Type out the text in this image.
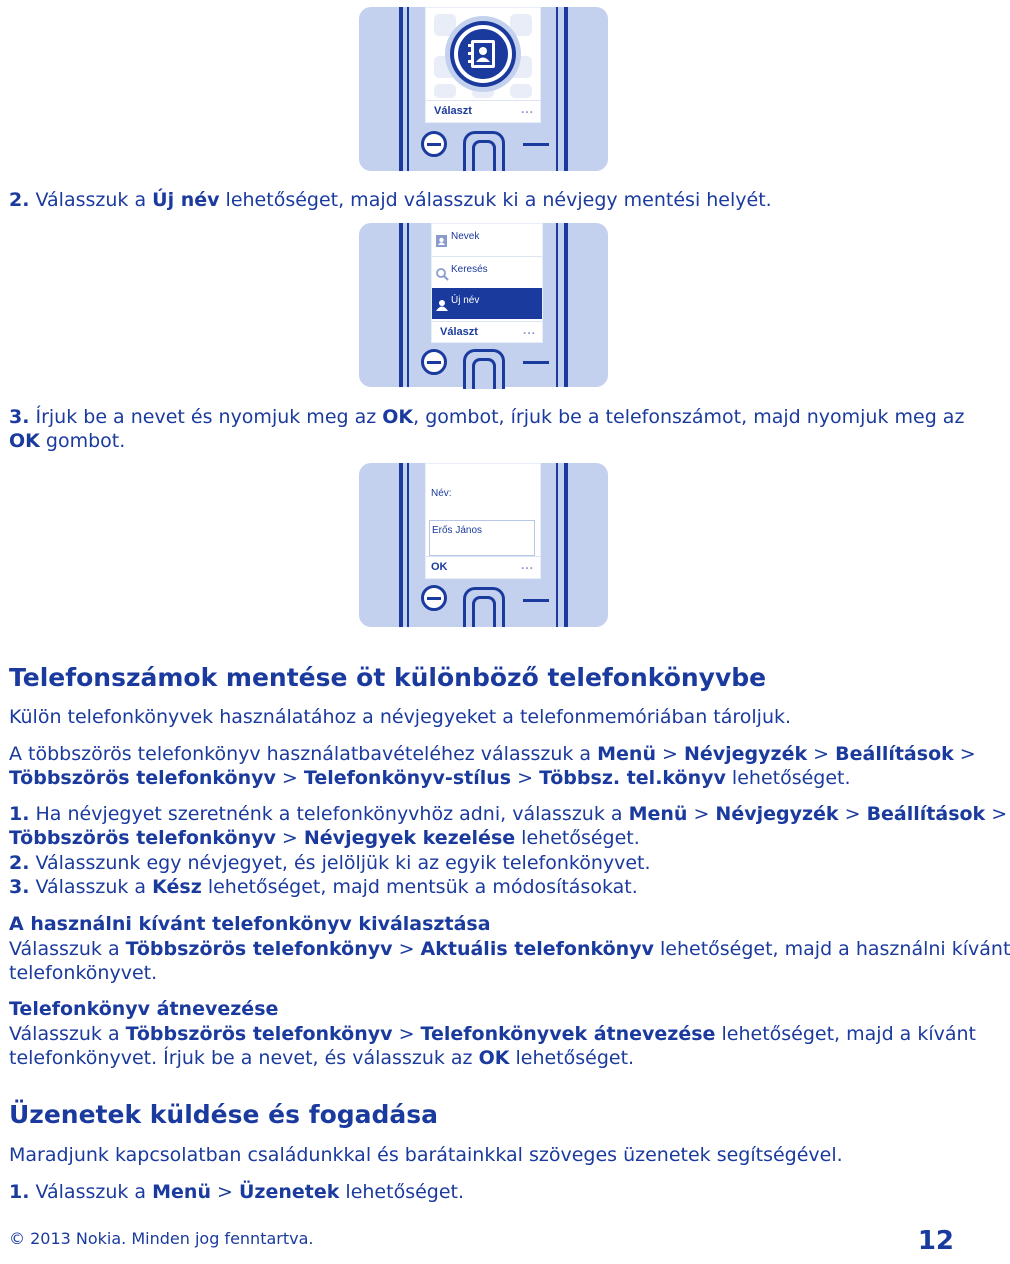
Választ	...
2. Válasszuk a Új név lehetőséget, majd válasszuk ki a névjegy mentési helyét.
Nevek
Keresés
Új név
Választ	...
3. Írjuk be a nevet és nyomjuk meg az OK, gombot, írjuk be a telefonszámot, majd nyomjuk meg az
OK gombot.
Név:
Erős János
OK	...
Telefonszámok mentése öt különböző telefonkönyvbe
Külön telefonkönyvek használatához a névjegyeket a telefonmemóriában tároljuk.
A többszörös telefonkönyv használatbavételéhez válasszuk a Menü > Névjegyzék > Beállítások >
Többszörös telefonkönyv > Telefonkönyv-stílus > Többsz. tel.könyv lehetőséget.
1. Ha névjegyet szeretnénk a telefonkönyvhöz adni, válasszuk a Menü > Névjegyzék > Beállítások >
Többszörös telefonkönyv > Névjegyek kezelése lehetőséget.
2. Válasszunk egy névjegyet, és jelöljük ki az egyik telefonkönyvet.
3. Válasszuk a Kész lehetőséget, majd mentsük a módosításokat.
A használni kívánt telefonkönyv kiválasztása
Válasszuk a Többszörös telefonkönyv > Aktuális telefonkönyv lehetőséget, majd a használni kívánt
telefonkönyvet.
Telefonkönyv átnevezése
Válasszuk a Többszörös telefonkönyv > Telefonkönyvek átnevezése lehetőséget, majd a kívánt
telefonkönyvet. Írjuk be a nevet, és válasszuk az OK lehetőséget.
Üzenetek küldése és fogadása
Maradjunk kapcsolatban családunkkal és barátainkkal szöveges üzenetek segítségével.
1. Válasszuk a Menü > Üzenetek lehetőséget.
© 2013 Nokia. Minden jog fenntartva.	12
